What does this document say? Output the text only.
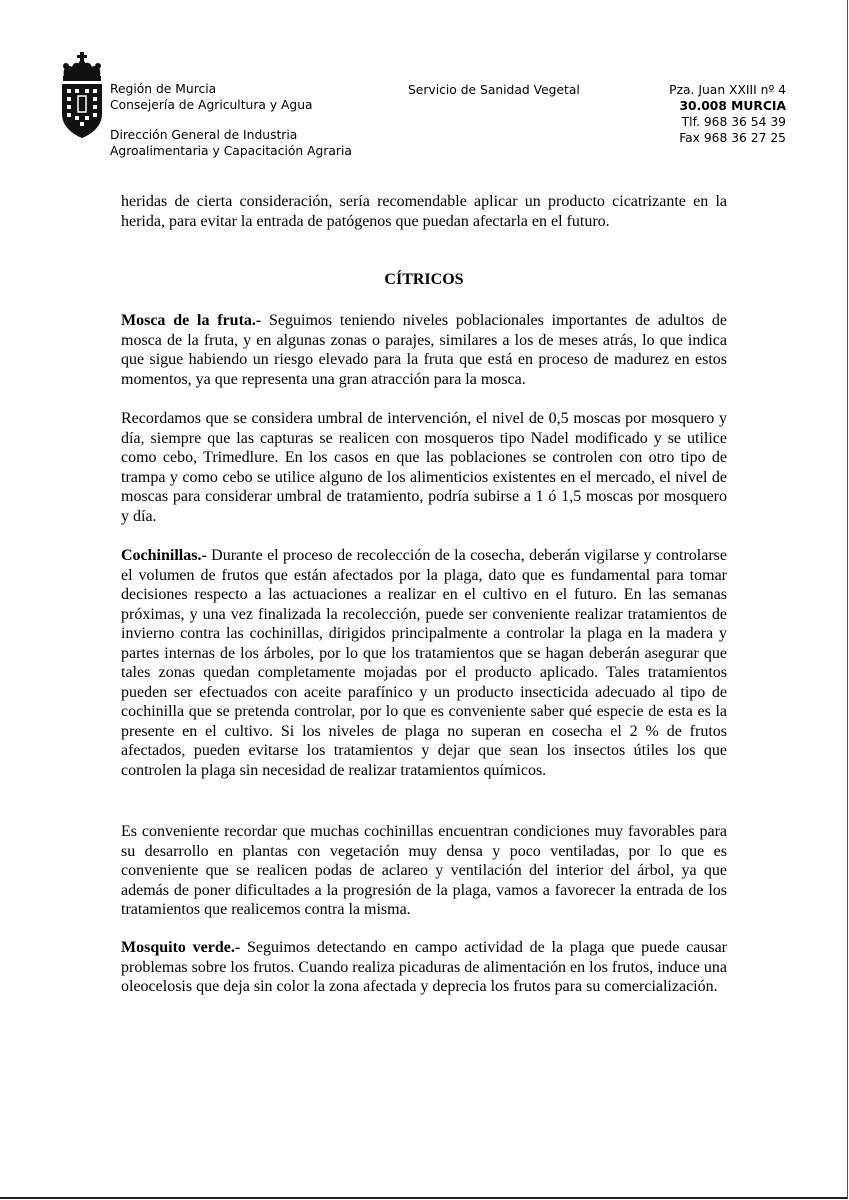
Región de Murcia
Consejería de Agricultura y Agua
Dirección General de Industria
Agroalimentaria y Capacitación Agraria
Servicio de Sanidad Vegetal	Pza. Juan XXIII nº 4
30.008 MURCIA
Tlf. 968 36 54 39
Fax 968 36 27 25

heridas de cierta consideración, sería recomendable aplicar un producto cicatrizante en la herida, para evitar la entrada de patógenos que puedan afectarla en el futuro.

CÍTRICOS

Mosca de la fruta.- Seguimos teniendo niveles poblacionales importantes de adultos de mosca de la fruta, y en algunas zonas o parajes, similares a los de meses atrás, lo que indica que sigue habiendo un riesgo elevado para la fruta que está en proceso de madurez en estos momentos, ya que representa una gran atracción para la mosca.

Recordamos que se considera umbral de intervención, el nivel de 0,5 moscas por mosquero y día, siempre que las capturas se realicen con mosqueros tipo Nadel modificado y se utilice como cebo, Trimedlure. En los casos en que las poblaciones se controlen con otro tipo de trampa y como cebo se utilice alguno de los alimenticios existentes en el mercado, el nivel de moscas para considerar umbral de tratamiento, podría subirse a 1 ó 1,5 moscas por mosquero y día.

Cochinillas.- Durante el proceso de recolección de la cosecha, deberán vigilarse y controlarse el volumen de frutos que están afectados por la plaga, dato que es fundamental para tomar decisiones respecto a las actuaciones a realizar en el cultivo en el futuro. En las semanas próximas, y una vez finalizada la recolección, puede ser conveniente realizar tratamientos de invierno contra las cochinillas, dirigidos principalmente a controlar la plaga en la madera y partes internas de los árboles, por lo que los tratamientos que se hagan deberán asegurar que tales zonas quedan completamente mojadas por el producto aplicado. Tales tratamientos pueden ser efectuados con aceite parafínico y un producto insecticida adecuado al tipo de cochinilla que se pretenda controlar, por lo que es conveniente saber qué especie de esta es la presente en el cultivo. Si los niveles de plaga no superan en cosecha el 2 % de frutos afectados, pueden evitarse los tratamientos y dejar que sean los insectos útiles los que controlen la plaga sin necesidad de realizar tratamientos químicos.

Es conveniente recordar que muchas cochinillas encuentran condiciones muy favorables para su desarrollo en plantas con vegetación muy densa y poco ventiladas, por lo que es conveniente que se realicen podas de aclareo y ventilación del interior del árbol, ya que además de poner dificultades a la progresión de la plaga, vamos a favorecer la entrada de los tratamientos que realicemos contra la misma.

Mosquito verde.- Seguimos detectando en campo actividad de la plaga que puede causar problemas sobre los frutos. Cuando realiza picaduras de alimentación en los frutos, induce una oleocelosis que deja sin color la zona afectada y deprecia los frutos para su comercialización.
